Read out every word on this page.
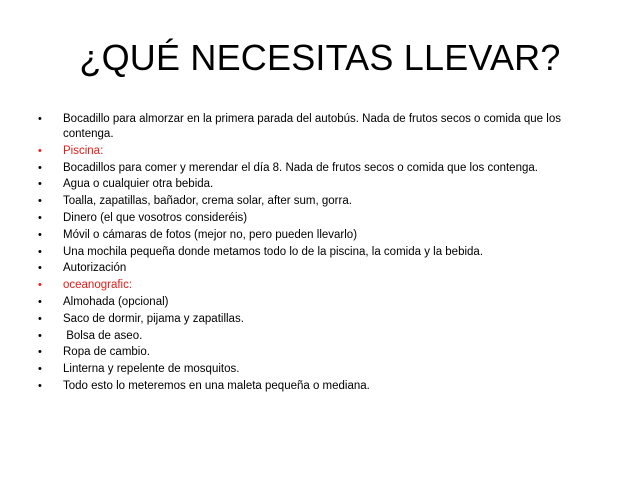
¿QUÉ NECESITAS LLEVAR?
•	Bocadillo para almorzar en la primera parada del autobús. Nada de frutos secos o comida que los contenga.
•	Piscina:
•	Bocadillos para comer y merendar el día 8. Nada de frutos secos o comida que los contenga.
•	Agua o cualquier otra bebida.
•	Toalla, zapatillas, bañador, crema solar, after sum, gorra.
•	Dinero (el que vosotros consideréis)
•	Móvil o cámaras de fotos (mejor no, pero pueden llevarlo)
•	Una mochila pequeña donde metamos todo lo de la piscina, la comida y la bebida.
•	Autorización
•	oceanografic:
•	Almohada (opcional)
•	Saco de dormir, pijama y zapatillas.
•	Bolsa de aseo.
•	Ropa de cambio.
•	Linterna y repelente de mosquitos.
•	Todo esto lo meteremos en una maleta pequeña o mediana.
